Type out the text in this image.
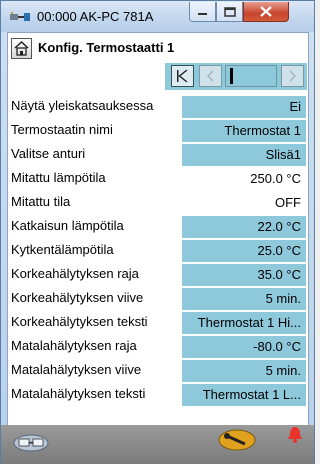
00:000 AK-PC 781A
Konfig. Termostaatti 1
Näytä yleiskatsauksessa	Ei
Termostaatin nimi	Thermostat 1
Valitse anturi	Slisä1
Mitattu lämpötila	250.0 °C
Mitattu tila	OFF
Katkaisun lämpötila	22.0 °C
Kytkentälämpötila	25.0 °C
Korkeahälytyksen raja	35.0 °C
Korkeahälytyksen viive	5 min.
Korkeahälytyksen teksti	Thermostat 1 Hi...
Matalahälytyksen raja	-80.0 °C
Matalahälytyksen viive	5 min.
Matalahälytyksen teksti	Thermostat 1 L...
